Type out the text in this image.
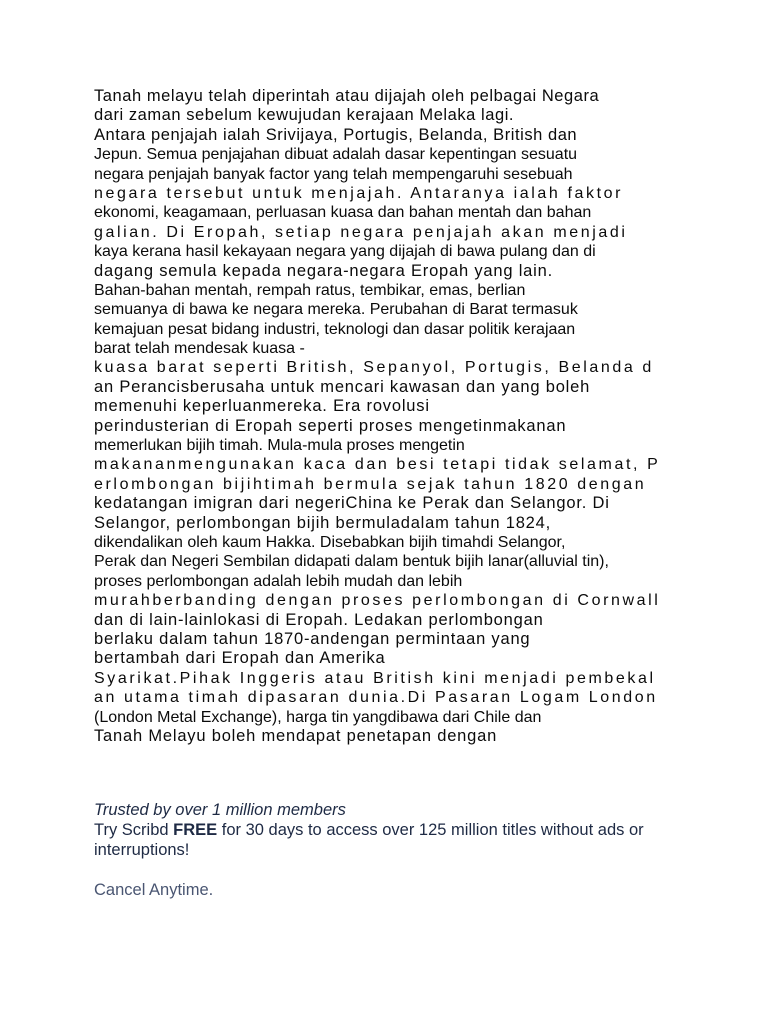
Tanah melayu telah diperintah atau dijajah oleh pelbagai Negara
dari zaman sebelum kewujudan kerajaan Melaka lagi.
Antara penjajah ialah Srivijaya, Portugis, Belanda, British dan
Jepun. Semua penjajahan dibuat adalah dasar kepentingan sesuatu
negara penjajah banyak factor yang telah mempengaruhi sesebuah
negara tersebut untuk menjajah. Antaranya ialah faktor
ekonomi, keagamaan, perluasan kuasa dan bahan mentah dan bahan
galian. Di Eropah, setiap negara penjajah akan menjadi
kaya kerana hasil kekayaan negara yang dijajah di bawa pulang dan di
dagang semula kepada negara-negara Eropah yang lain.
Bahan-bahan mentah, rempah ratus, tembikar, emas, berlian
semuanya di bawa ke negara mereka. Perubahan di Barat termasuk
kemajuan pesat bidang industri, teknologi dan dasar politik kerajaan
barat telah mendesak kuasa -
kuasa barat seperti British, Sepanyol, Portugis, Belanda d
an Perancisberusaha untuk mencari kawasan dan yang boleh
memenuhi keperluanmereka. Era rovolusi
perindusterian di Eropah seperti proses mengetinmakanan
memerlukan bijih timah. Mula-mula proses mengetin
makananmengunakan kaca dan besi tetapi tidak selamat, P
erlombongan bijihtimah bermula sejak tahun 1820 dengan
kedatangan imigran dari negeriChina ke Perak dan Selangor. Di
Selangor, perlombongan bijih bermuladalam tahun 1824,
dikendalikan oleh kaum Hakka. Disebabkan bijih timahdi Selangor,
Perak dan Negeri Sembilan didapati dalam bentuk bijih lanar(alluvial tin),
proses perlombongan adalah lebih mudah dan lebih
murahberbanding dengan proses perlombongan di Cornwall
dan di lain-lainlokasi di Eropah. Ledakan perlombongan
berlaku dalam tahun 1870-andengan permintaan yang
bertambah dari Eropah dan Amerika
Syarikat.Pihak Inggeris atau British kini menjadi pembekal
an utama timah dipasaran dunia.Di Pasaran Logam London
(London Metal Exchange), harga tin yangdibawa dari Chile dan
Tanah Melayu boleh mendapat penetapan dengan
Trusted by over 1 million members
Try Scribd FREE for 30 days to access over 125 million titles without ads or interruptions!
Cancel Anytime.
